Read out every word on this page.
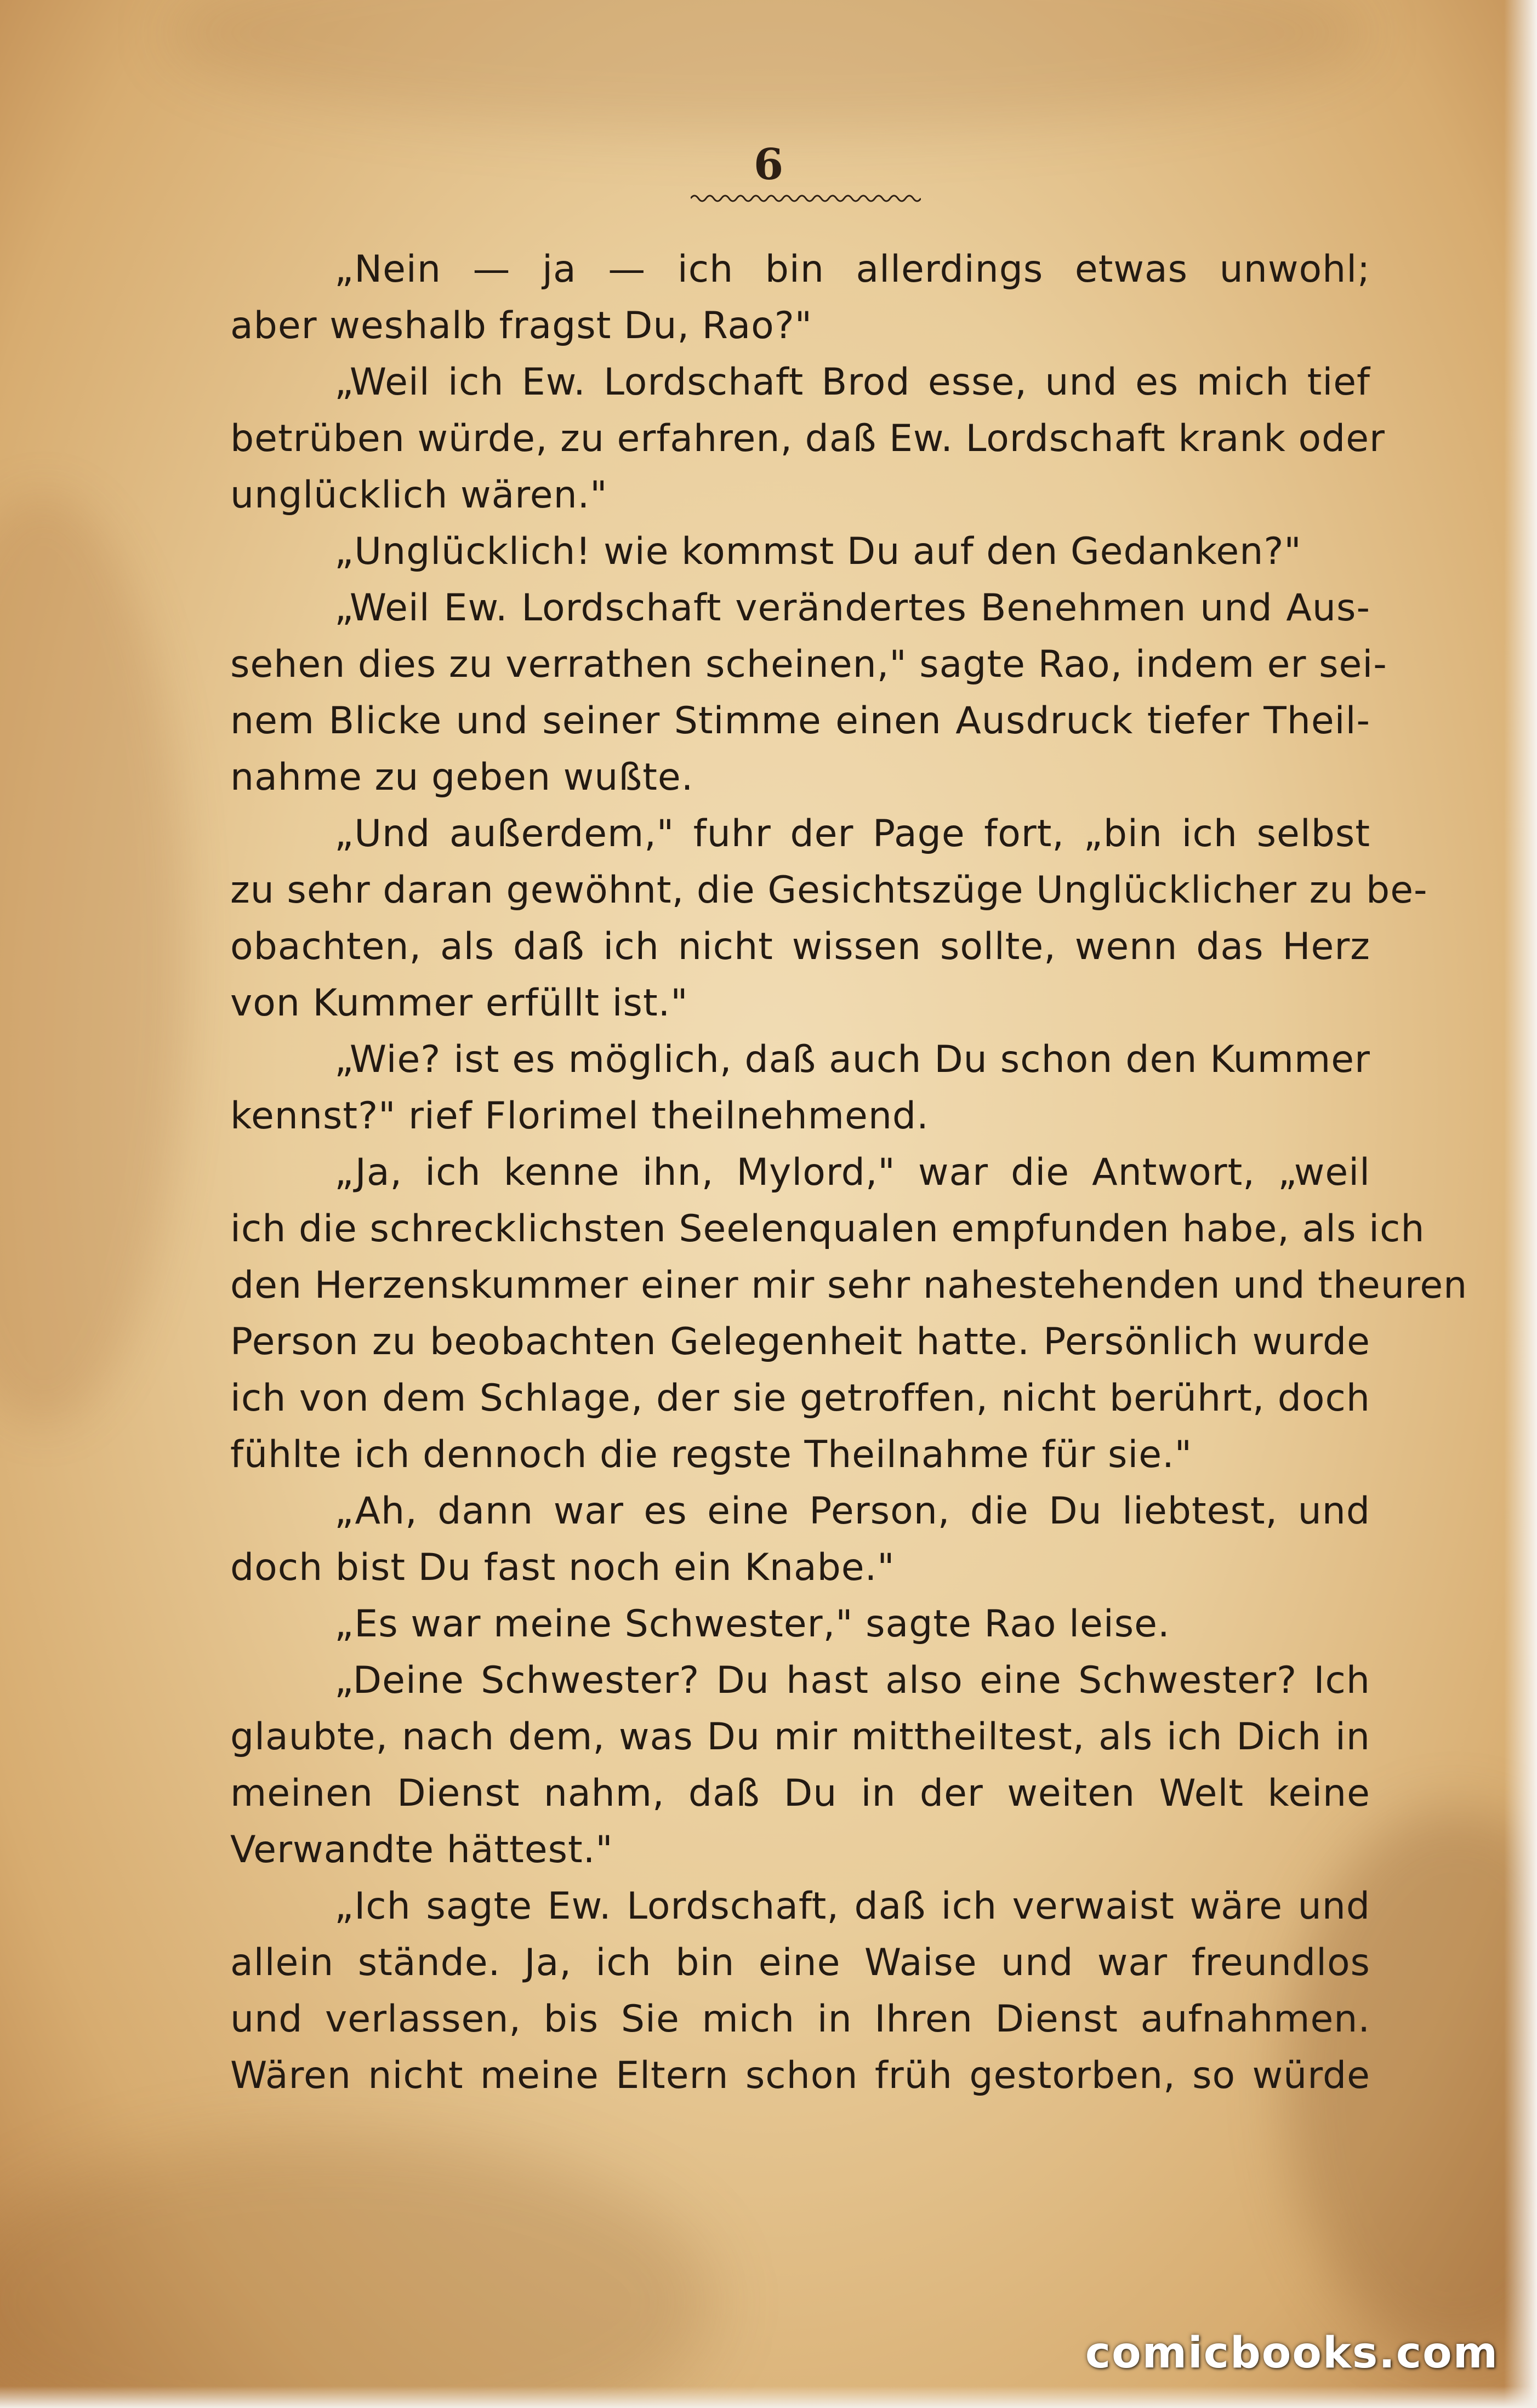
6
„Nein — ja — ich bin allerdings etwas unwohl;
aber weshalb fragst Du, Rao?"
„Weil ich Ew. Lordschaft Brod esse, und es mich tief
betrüben würde, zu erfahren, daß Ew. Lordschaft krank oder
unglücklich wären."
„Unglücklich! wie kommst Du auf den Gedanken?"
„Weil Ew. Lordschaft verändertes Benehmen und Aus-
sehen dies zu verrathen scheinen," sagte Rao, indem er sei-
nem Blicke und seiner Stimme einen Ausdruck tiefer Theil-
nahme zu geben wußte.
„Und außerdem," fuhr der Page fort, „bin ich selbst
zu sehr daran gewöhnt, die Gesichtszüge Unglücklicher zu be-
obachten, als daß ich nicht wissen sollte, wenn das Herz
von Kummer erfüllt ist."
„Wie? ist es möglich, daß auch Du schon den Kummer
kennst?" rief Florimel theilnehmend.
„Ja, ich kenne ihn, Mylord," war die Antwort, „weil
ich die schrecklichsten Seelenqualen empfunden habe, als ich
den Herzenskummer einer mir sehr nahestehenden und theuren
Person zu beobachten Gelegenheit hatte. Persönlich wurde
ich von dem Schlage, der sie getroffen, nicht berührt, doch
fühlte ich dennoch die regste Theilnahme für sie."
„Ah, dann war es eine Person, die Du liebtest, und
doch bist Du fast noch ein Knabe."
„Es war meine Schwester," sagte Rao leise.
„Deine Schwester? Du hast also eine Schwester? Ich
glaubte, nach dem, was Du mir mittheiltest, als ich Dich in
meinen Dienst nahm, daß Du in der weiten Welt keine
Verwandte hättest."
„Ich sagte Ew. Lordschaft, daß ich verwaist wäre und
allein stände. Ja, ich bin eine Waise und war freundlos
und verlassen, bis Sie mich in Ihren Dienst aufnahmen.
Wären nicht meine Eltern schon früh gestorben, so würde
comicbooks.com
